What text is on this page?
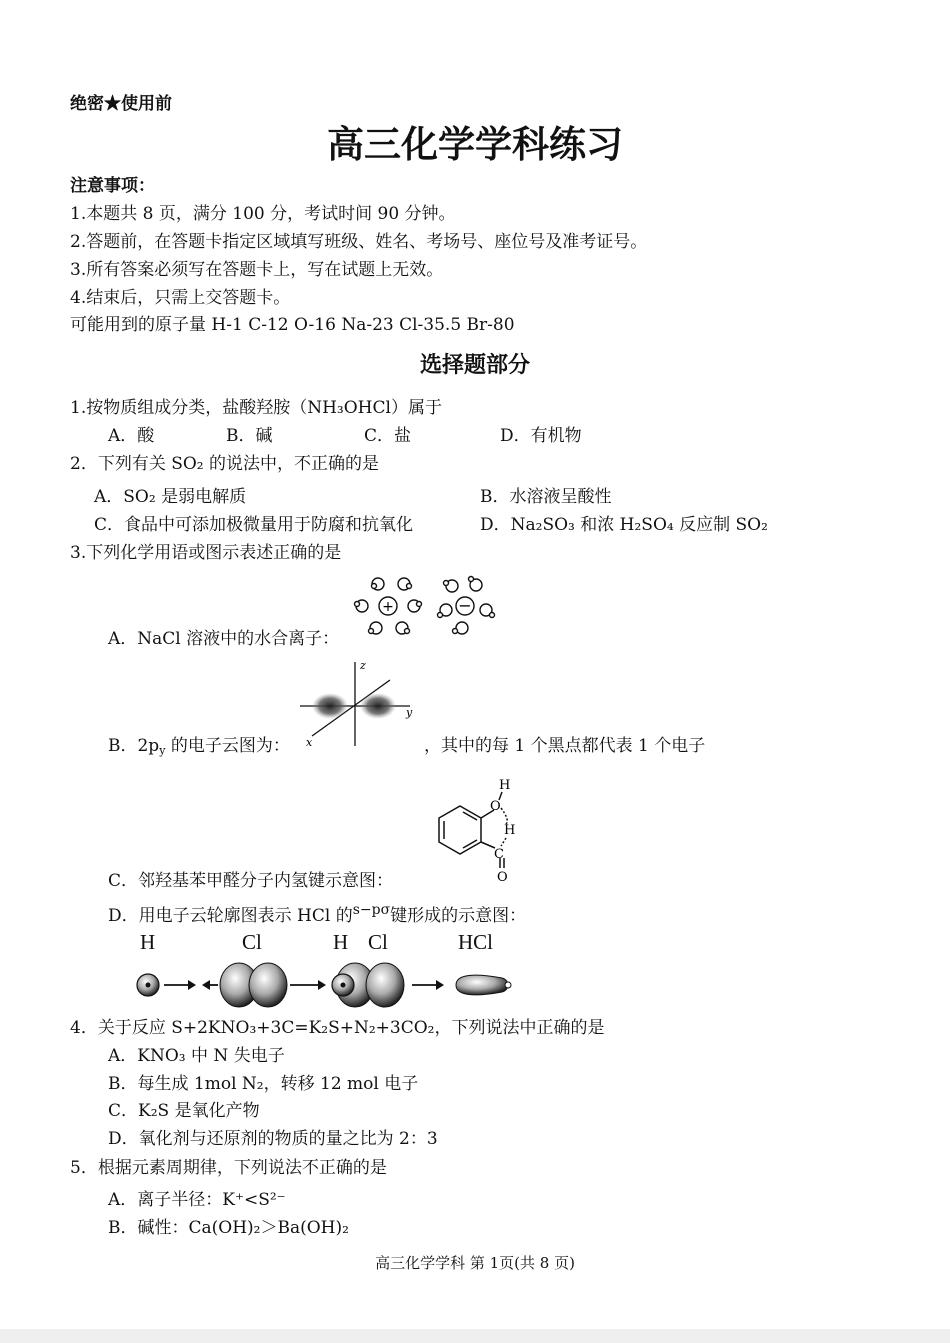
绝密★使用前
高三化学学科练习
注意事项：
1.本题共 8 页，满分 100 分，考试时间 90 分钟。
2.答题前，在答题卡指定区域填写班级、姓名、考场号、座位号及准考证号。
3.所有答案必须写在答题卡上，写在试题上无效。
4.结束后，只需上交答题卡。
可能用到的原子量 H-1 C-12 O-16 Na-23 Cl-35.5 Br-80
选择题部分
1.按物质组成分类，盐酸羟胺（NH₃OHCl）属于
A．酸	B．碱	C．盐	D．有机物
2．下列有关 SO₂ 的说法中，不正确的是
A．SO₂ 是弱电解质	B．水溶液呈酸性
C．食品中可添加极微量用于防腐和抗氧化	D．Na₂SO₃ 和浓 H₂SO₄ 反应制 SO₂
3.下列化学用语或图示表述正确的是
+	−
A．NaCl 溶液中的水合离子：
z
y
x
B．$2p_y$ 的电子云图为：	，其中的每 1 个黑点都代表 1 个电子
H
O
H
C
O
C．邻羟基苯甲醛分子内氢键示意图：
D．用电子云轮廓图表示 HCl 的$^{s-p\sigma}$键形成的示意图：
H	Cl	H Cl	HCl
4．关于反应 S+2KNO₃+3C=K₂S+N₂+3CO₂，下列说法中正确的是
A．KNO₃ 中 N 失电子
B．每生成 1mol N₂，转移 12 mol 电子
C．K₂S 是氧化产物
D．氧化剂与还原剂的物质的量之比为 2：3
5．根据元素周期律，下列说法不正确的是
A．离子半径：K⁺<S²⁻
B．碱性：Ca(OH)₂＞Ba(OH)₂
高三化学学科 第 1页(共 8 页)
